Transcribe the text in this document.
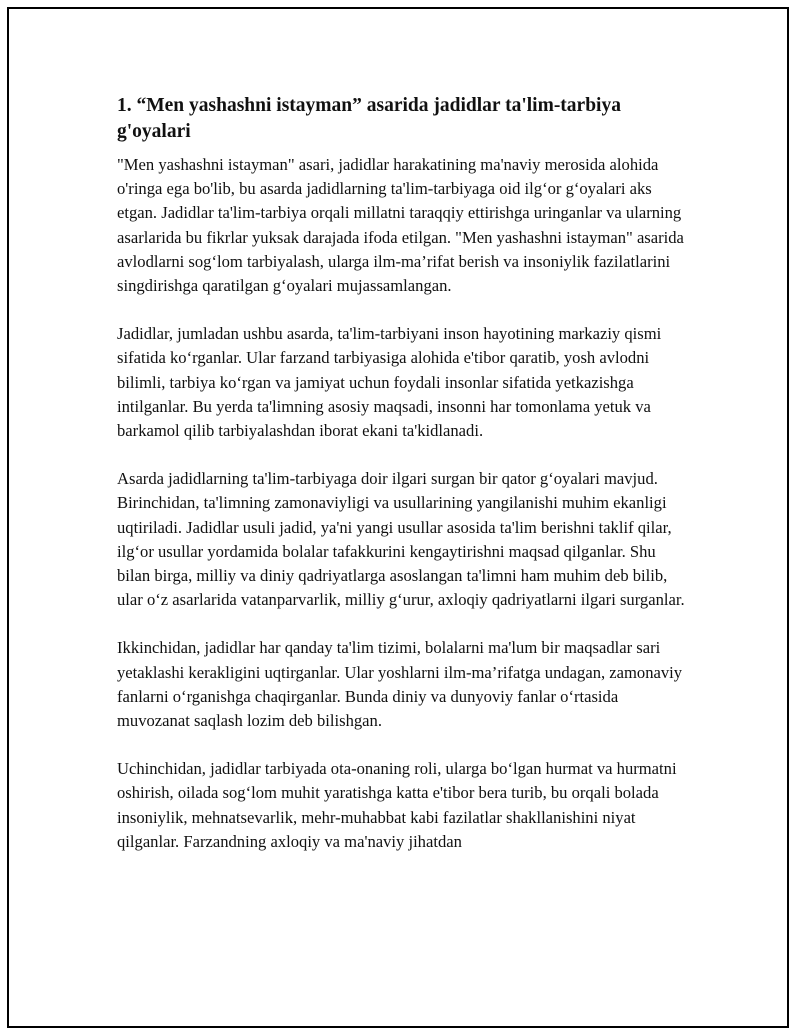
1. “Men yashashni istayman” asarida jadidlar ta'lim-tarbiya g'oyalari

"Men yashashni istayman" asari, jadidlar harakatining ma'naviy merosida alohida o'ringa ega bo'lib, bu asarda jadidlarning ta'lim-tarbiyaga oid ilg‘or g‘oyalari aks etgan. Jadidlar ta'lim-tarbiya orqali millatni taraqqiy ettirishga uringanlar va ularning asarlarida bu fikrlar yuksak darajada ifoda etilgan. "Men yashashni istayman" asarida avlodlarni sog‘lom tarbiyalash, ularga ilm-ma’rifat berish va insoniylik fazilatlarini singdirishga qaratilgan g‘oyalari mujassamlangan.

Jadidlar, jumladan ushbu asarda, ta'lim-tarbiyani inson hayotining markaziy qismi sifatida ko‘rganlar. Ular farzand tarbiyasiga alohida e'tibor qaratib, yosh avlodni bilimli, tarbiya ko‘rgan va jamiyat uchun foydali insonlar sifatida yetkazishga intilganlar. Bu yerda ta'limning asosiy maqsadi, insonni har tomonlama yetuk va barkamol qilib tarbiyalashdan iborat ekani ta'kidlanadi.

Asarda jadidlarning ta'lim-tarbiyaga doir ilgari surgan bir qator g‘oyalari mavjud. Birinchidan, ta'limning zamonaviyligi va usullarining yangilanishi muhim ekanligi uqtiriladi. Jadidlar usuli jadid, ya'ni yangi usullar asosida ta'lim berishni taklif qilar, ilg‘or usullar yordamida bolalar tafakkurini kengaytirishni maqsad qilganlar. Shu bilan birga, milliy va diniy qadriyatlarga asoslangan ta'limni ham muhim deb bilib, ular o‘z asarlarida vatanparvarlik, milliy g‘urur, axloqiy qadriyatlarni ilgari surganlar.

Ikkinchidan, jadidlar har qanday ta'lim tizimi, bolalarni ma'lum bir maqsadlar sari yetaklashi kerakligini uqtirganlar. Ular yoshlarni ilm-ma’rifatga undagan, zamonaviy fanlarni o‘rganishga chaqirganlar. Bunda diniy va dunyoviy fanlar o‘rtasida muvozanat saqlash lozim deb bilishgan.

Uchinchidan, jadidlar tarbiyada ota-onaning roli, ularga bo‘lgan hurmat va hurmatni oshirish, oilada sog‘lom muhit yaratishga katta e'tibor bera turib, bu orqali bolada insoniylik, mehnatsevarlik, mehr-muhabbat kabi fazilatlar shakllanishini niyat qilganlar. Farzandning axloqiy va ma'naviy jihatdan
